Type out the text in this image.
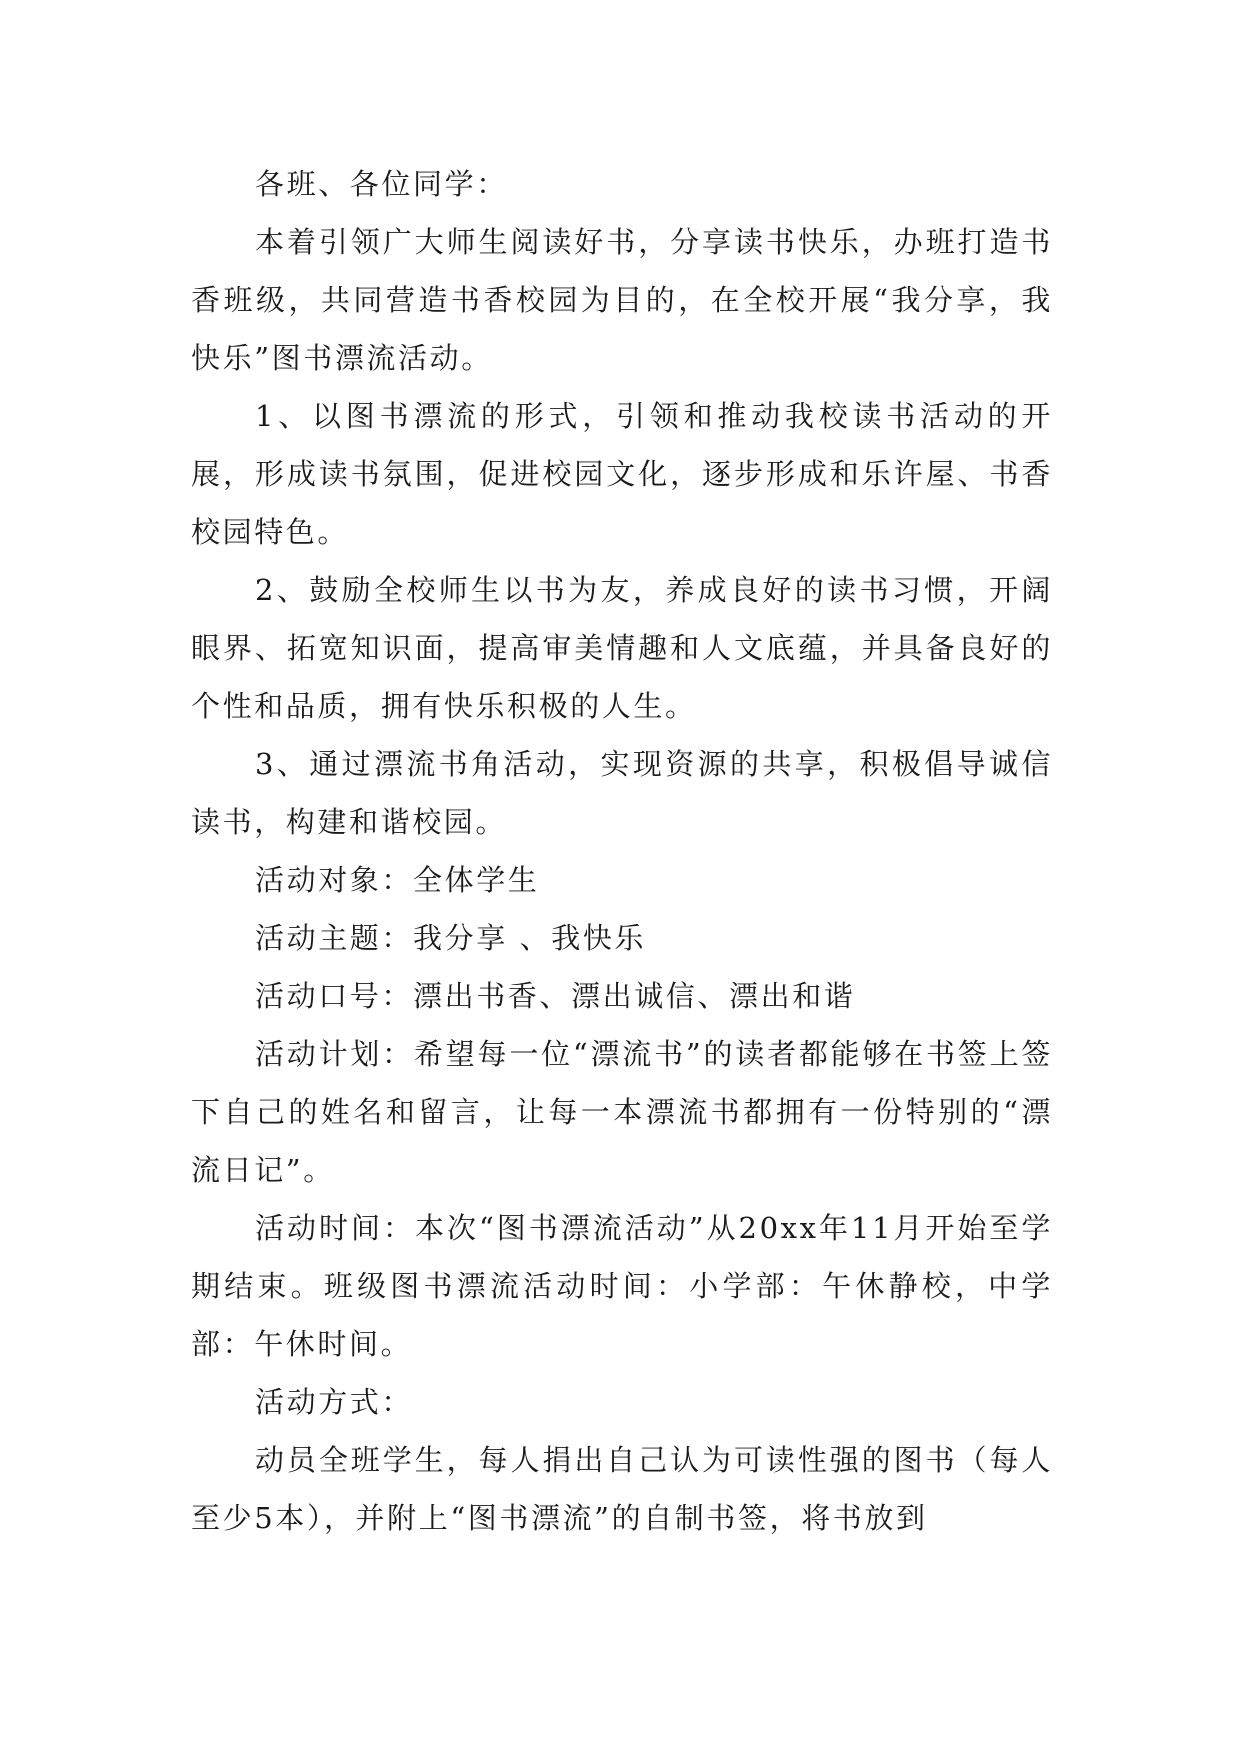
各班、各位同学：

本着引领广大师生阅读好书，分享读书快乐，办班打造书香班级，共同营造书香校园为目的，在全校开展“我分享，我快乐”图书漂流活动。

1、以图书漂流的形式，引领和推动我校读书活动的开展，形成读书氛围，促进校园文化，逐步形成和乐许屋、书香校园特色。

2、鼓励全校师生以书为友，养成良好的读书习惯，开阔眼界、拓宽知识面，提高审美情趣和人文底蕴，并具备良好的个性和品质，拥有快乐积极的人生。

3、通过漂流书角活动，实现资源的共享，积极倡导诚信读书，构建和谐校园。

活动对象：全体学生

活动主题：我分享 、我快乐

活动口号：漂出书香、漂出诚信、漂出和谐

活动计划：希望每一位“漂流书”的读者都能够在书签上签下自己的姓名和留言，让每一本漂流书都拥有一份特别的“漂流日记”。

活动时间：本次“图书漂流活动”从20xx年11月开始至学期结束。班级图书漂流活动时间：小学部：午休静校，中学部：午休时间。

活动方式：

动员全班学生，每人捐出自己认为可读性强的图书（每人至少5本），并附上“图书漂流”的自制书签，将书放到
